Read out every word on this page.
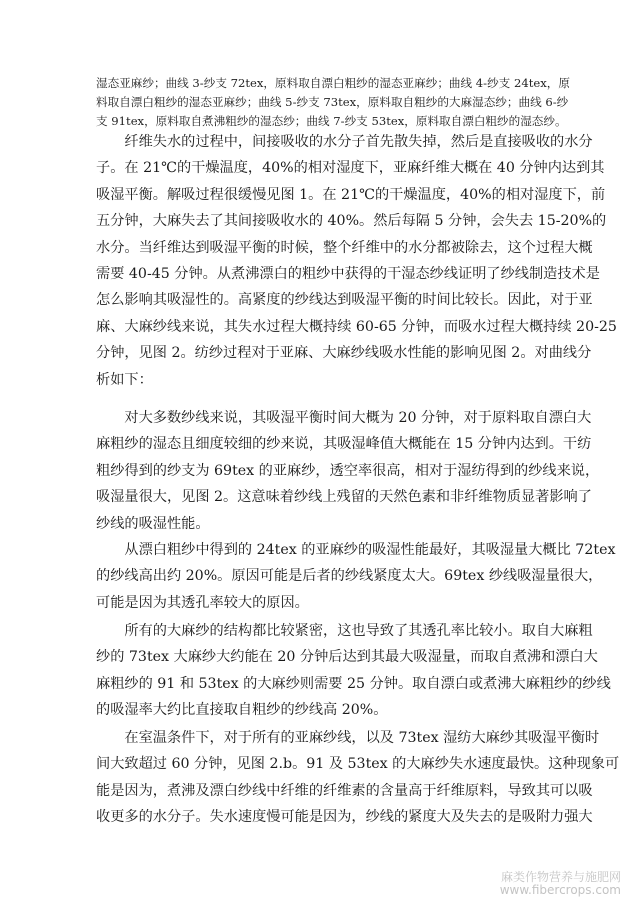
湿态亚麻纱；曲线 3-纱支 72tex，原料取自漂白粗纱的湿态亚麻纱；曲线 4-纱支 24tex，原

料取自漂白粗纱的湿态亚麻纱；曲线 5-纱支 73tex，原料取自粗纱的大麻湿态纱；曲线 6-纱

支 91tex，原料取自煮沸粗纱的湿态纱；曲线 7-纱支 53tex，原料取自漂白粗纱的湿态纱。

　　纤维失水的过程中，间接吸收的水分子首先散失掉，然后是直接吸收的水分

子。在 21℃的干燥温度，40%的相对湿度下，亚麻纤维大概在 40 分钟内达到其

吸湿平衡。解吸过程很缓慢见图 1。在 21℃的干燥温度，40%的相对湿度下，前

五分钟，大麻失去了其间接吸收水的 40%。然后每隔 5 分钟，会失去 15-20%的

水分。当纤维达到吸湿平衡的时候，整个纤维中的水分都被除去，这个过程大概

需要 40-45 分钟。从煮沸漂白的粗纱中获得的干湿态纱线证明了纱线制造技术是

怎么影响其吸湿性的。高紧度的纱线达到吸湿平衡的时间比较长。因此，对于亚

麻、大麻纱线来说，其失水过程大概持续 60-65 分钟，而吸水过程大概持续 20-25

分钟，见图 2。纺纱过程对于亚麻、大麻纱线吸水性能的影响见图 2。对曲线分

析如下：

　　对大多数纱线来说，其吸湿平衡时间大概为 20 分钟，对于原料取自漂白大

麻粗纱的湿态且细度较细的纱来说，其吸湿峰值大概能在 15 分钟内达到。干纺

粗纱得到的纱支为 69tex 的亚麻纱，透空率很高，相对于湿纺得到的纱线来说，

吸湿量很大，见图 2。这意味着纱线上残留的天然色素和非纤维物质显著影响了

纱线的吸湿性能。

　　从漂白粗纱中得到的 24tex 的亚麻纱的吸湿性能最好，其吸湿量大概比 72tex

的纱线高出约 20%。原因可能是后者的纱线紧度太大。69tex 纱线吸湿量很大，

可能是因为其透孔率较大的原因。

　　所有的大麻纱的结构都比较紧密，这也导致了其透孔率比较小。取自大麻粗

纱的 73tex 大麻纱大约能在 20 分钟后达到其最大吸湿量，而取自煮沸和漂白大

麻粗纱的 91 和 53tex 的大麻纱则需要 25 分钟。取自漂白或煮沸大麻粗纱的纱线

的吸湿率大约比直接取自粗纱的纱线高 20%。

　　在室温条件下，对于所有的亚麻纱线，以及 73tex 湿纺大麻纱其吸湿平衡时

间大致超过 60 分钟，见图 2.b。91 及 53tex 的大麻纱失水速度最快。这种现象可

能是因为，煮沸及漂白纱线中纤维的纤维素的含量高于纤维原料，导致其可以吸

收更多的水分子。失水速度慢可能是因为，纱线的紧度大及失去的是吸附力强大

麻类作物营养与施肥网
www.fibercrops.com
